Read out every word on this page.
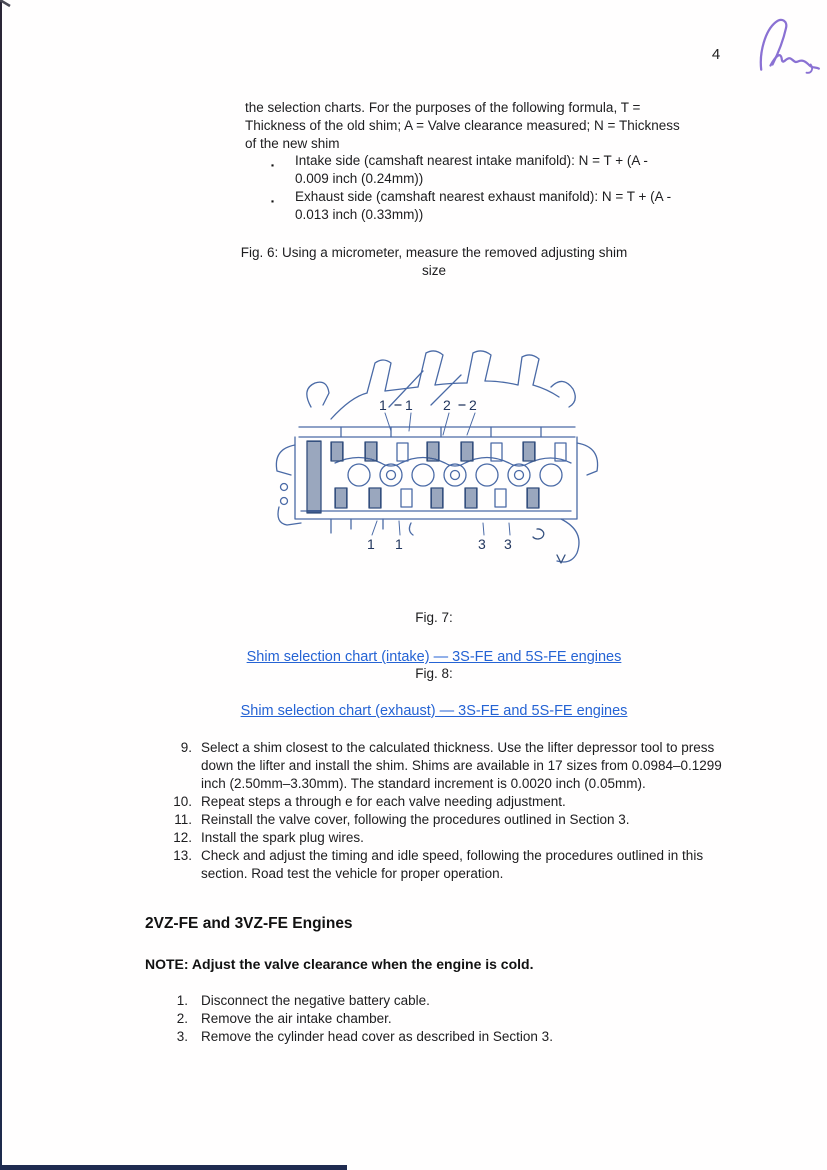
4

the selection charts. For the purposes of the following formula, T = Thickness of the old shim; A = Valve clearance measured; N = Thickness of the new shim

▪	Intake side (camshaft nearest intake manifold): N = T + (A - 0.009 inch (0.24mm))
▪	Exhaust side (camshaft nearest exhaust manifold): N = T + (A - 0.013 inch (0.33mm))

Fig. 6: Using a micrometer, measure the removed adjusting shim size

1 1 2 2
1 1	3 3

Fig. 7:

Shim selection chart (intake) — 3S-FE and 5S-FE engines

Fig. 8:

Shim selection chart (exhaust) — 3S-FE and 5S-FE engines

9. Select a shim closest to the calculated thickness. Use the lifter depressor tool to press down the lifter and install the shim. Shims are available in 17 sizes from 0.0984–0.1299 inch (2.50mm–3.30mm). The standard increment is 0.0020 inch (0.05mm).
10. Repeat steps a through e for each valve needing adjustment.
11. Reinstall the valve cover, following the procedures outlined in Section 3.
12. Install the spark plug wires.
13. Check and adjust the timing and idle speed, following the procedures outlined in this section. Road test the vehicle for proper operation.
2VZ-FE and 3VZ-FE Engines

NOTE: Adjust the valve clearance when the engine is cold.

1. Disconnect the negative battery cable.
2. Remove the air intake chamber.
3. Remove the cylinder head cover as described in Section 3.
